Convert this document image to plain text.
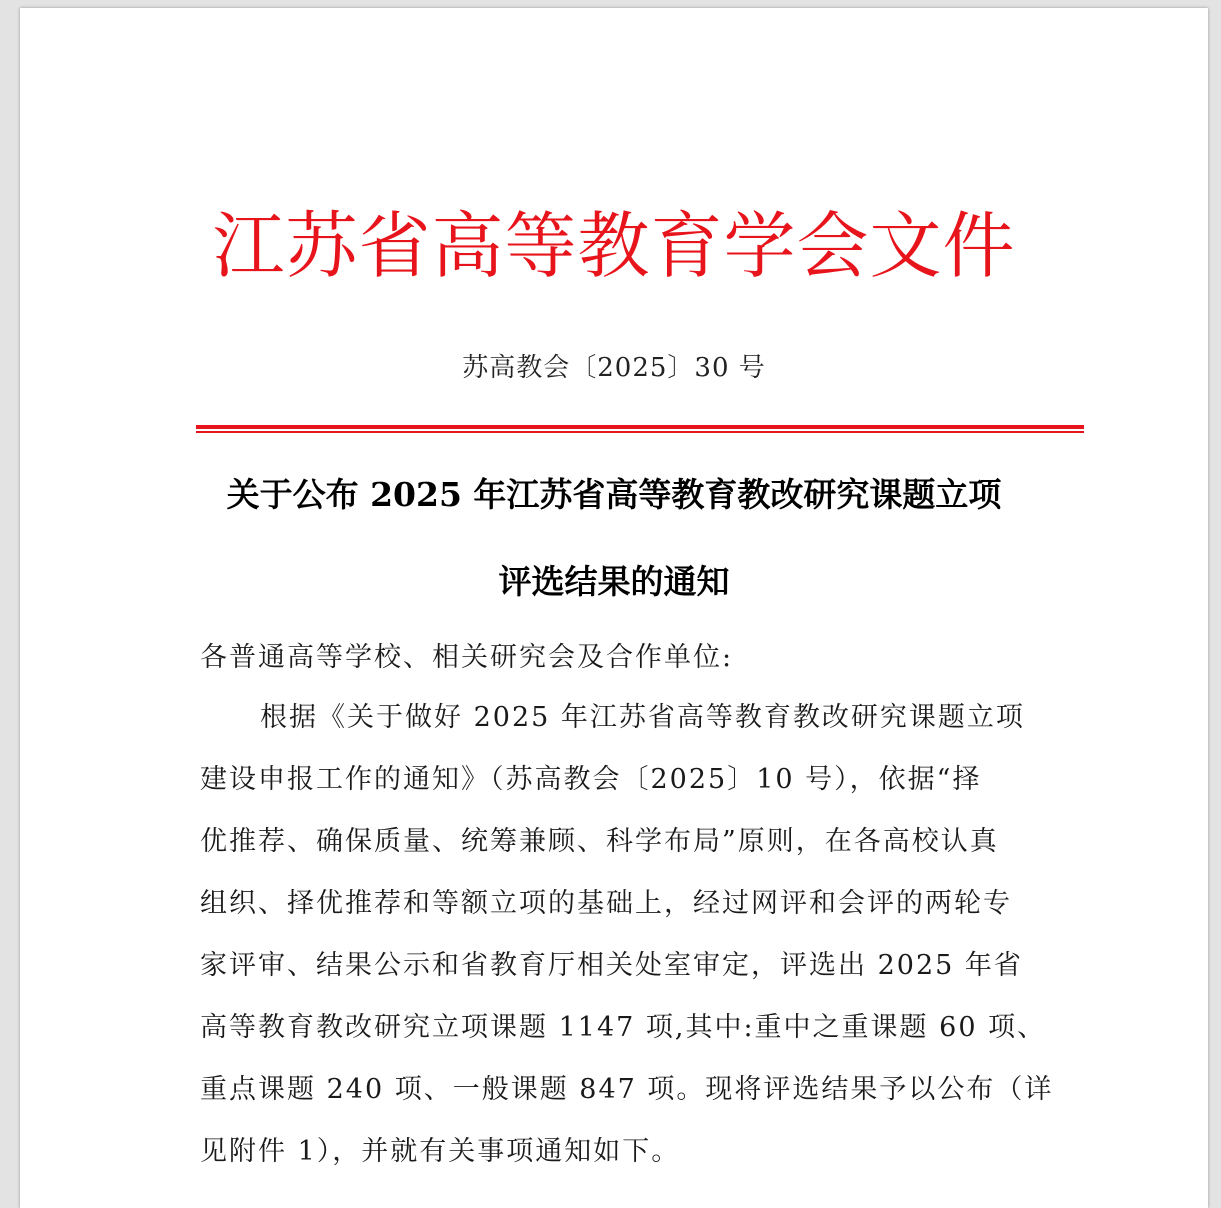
江苏省高等教育学会文件
苏高教会〔2025〕30 号
关于公布 2025 年江苏省高等教育教改研究课题立项
评选结果的通知
各普通高等学校、相关研究会及合作单位:
根据《关于做好 2025 年江苏省高等教育教改研究课题立项
建设申报工作的通知》（苏高教会〔2025〕10 号），依据“择
优推荐、确保质量、统筹兼顾、科学布局”原则，在各高校认真
组织、择优推荐和等额立项的基础上，经过网评和会评的两轮专
家评审、结果公示和省教育厅相关处室审定，评选出 2025 年省
高等教育教改研究立项课题 1147 项,其中:重中之重课题 60 项、
重点课题 240 项、一般课题 847 项。现将评选结果予以公布（详
见附件 1），并就有关事项通知如下。
